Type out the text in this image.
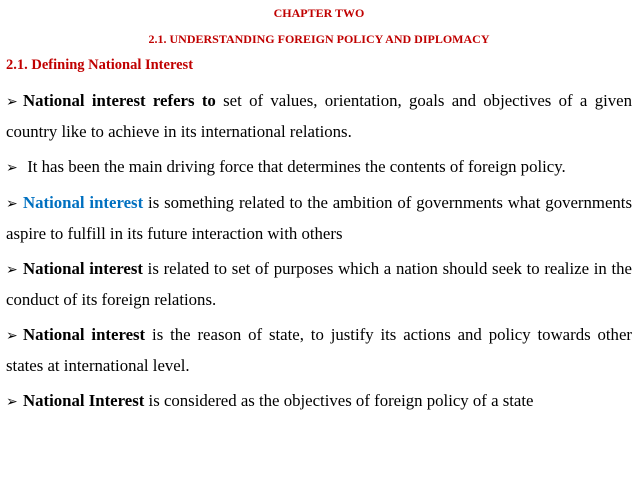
CHAPTER TWO
2.1. UNDERSTANDING FOREIGN POLICY AND DIPLOMACY
2.1. Defining National Interest
➢ National interest refers to set of values, orientation, goals and objectives of a given country like to achieve in its international relations.
➢ It has been the main driving force that determines the contents of foreign policy.
➢ National interest is something related to the ambition of governments what governments aspire to fulfill in its future interaction with others
➢ National interest is related to set of purposes which a nation should seek to realize in the conduct of its foreign relations.
➢ National interest is the reason of state, to justify its actions and policy towards other states at international level.
➢ National Interest is considered as the objectives of foreign policy of a state
